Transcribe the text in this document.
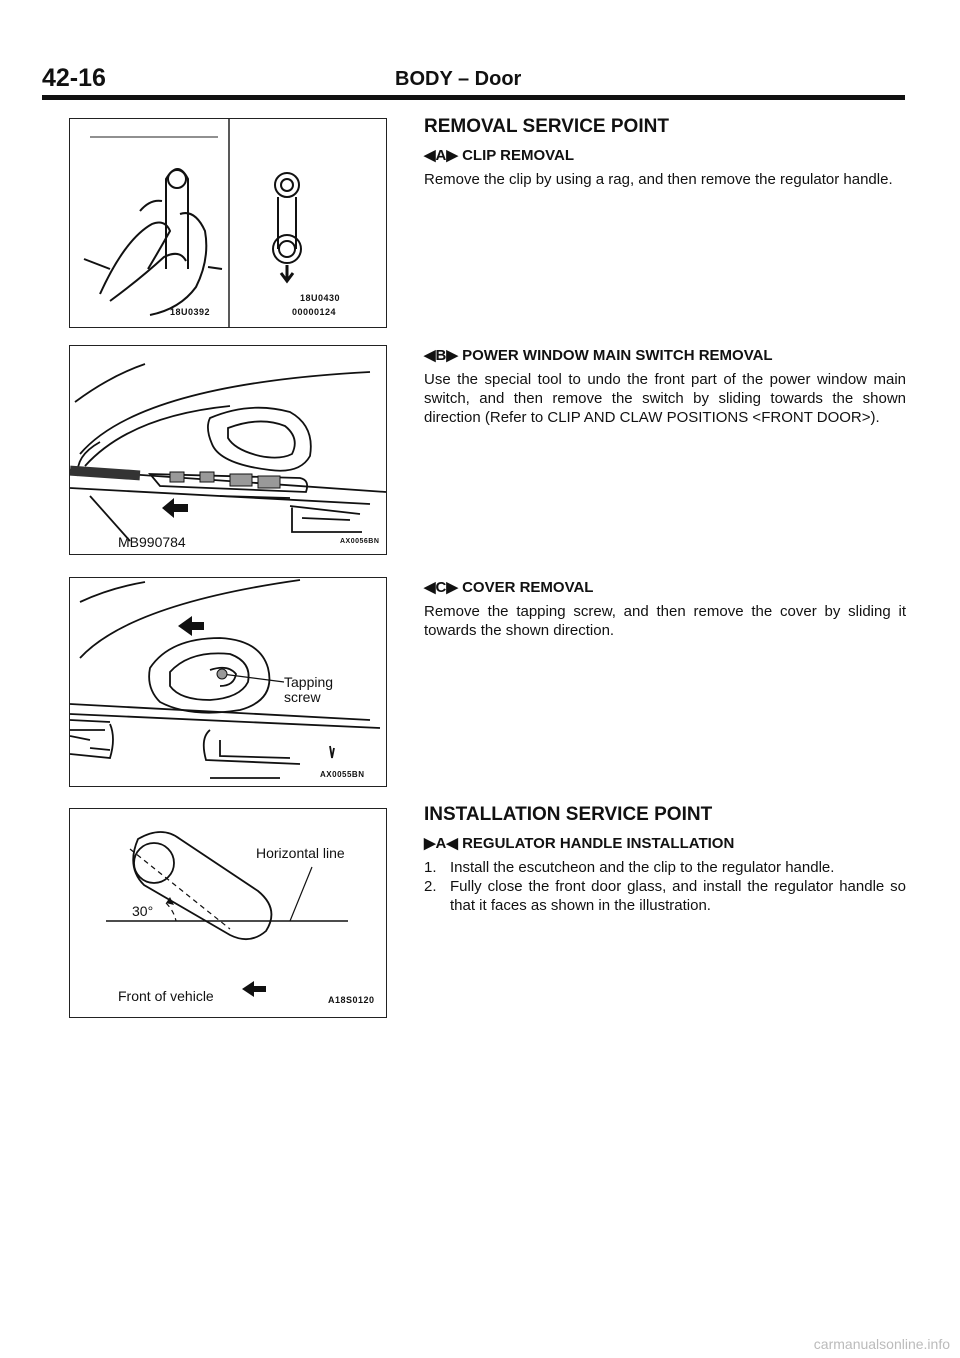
42-16	BODY – Door
18U0392
18U0430
00000124
MB990784	AX0056BN
Tapping screw
AX0055BN
Horizontal line
30°
Front of vehicle	A18S0120
REMOVAL SERVICE POINT
◀A▶ CLIP REMOVAL

Remove the clip by using a rag, and then remove the regulator handle.

◀B▶ POWER WINDOW MAIN SWITCH REMOVAL

Use the special tool to undo the front part of the power window main switch, and then remove the switch by sliding towards the shown direction (Refer to CLIP AND CLAW POSITIONS <FRONT DOOR>).

◀C▶ COVER REMOVAL

Remove the tapping screw, and then remove the cover by sliding it towards the shown direction.

INSTALLATION SERVICE POINT
▶A◀ REGULATOR HANDLE INSTALLATION
1. Install the escutcheon and the clip to the regulator handle.
2. Fully close the front door glass, and install the regulator handle so that it faces as shown in the illustration.
carmanualsonline.info
